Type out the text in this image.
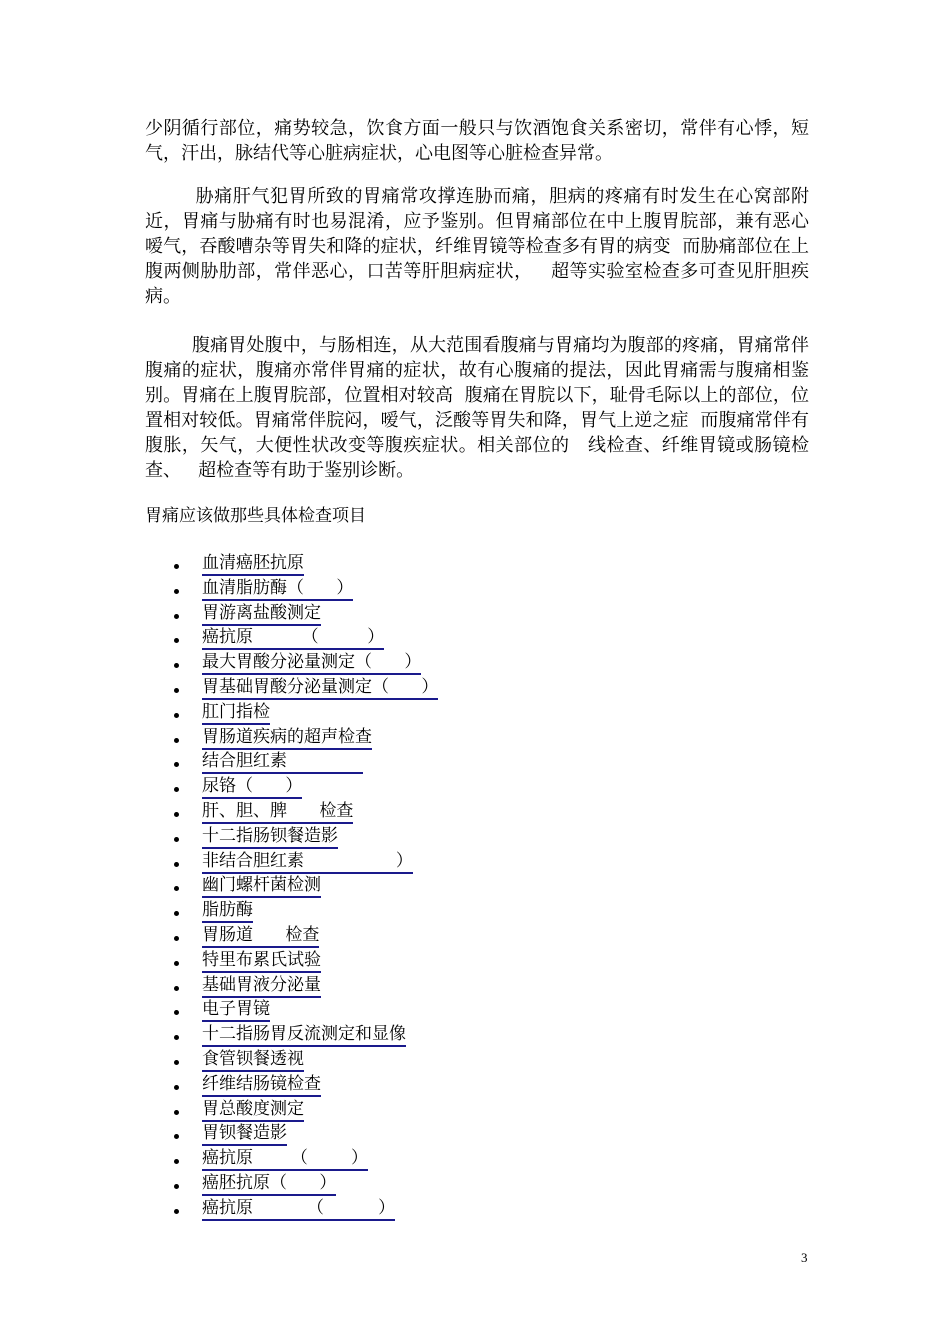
少阴循行部位，痛势较急，饮食方面一般只与饮酒饱食关系密切，常伴有心悸，短气，汗出，脉结代等心脏病症状，心电图等心脏检查异常。

胁痛肝气犯胃所致的胃痛常攻撑连胁而痛，胆病的疼痛有时发生在心窝部附近，胃痛与胁痛有时也易混淆，应予鉴别。但胃痛部位在中上腹胃脘部，兼有恶心嗳气，吞酸嘈杂等胃失和降的症状，纤维胃镜等检查多有胃的病变  而胁痛部位在上腹两侧胁肋部，常伴恶心，口苦等肝胆病症状，   超等实验室检查多可查见肝胆疾病。

腹痛胃处腹中，与肠相连，从大范围看腹痛与胃痛均为腹部的疼痛，胃痛常伴腹痛的症状，腹痛亦常伴胃痛的症状，故有心腹痛的提法，因此胃痛需与腹痛相鉴别。胃痛在上腹胃脘部，位置相对较高  腹痛在胃脘以下，耻骨毛际以上的部位，位置相对较低。胃痛常伴脘闷，嗳气，泛酸等胃失和降，胃气上逆之症  而腹痛常伴有腹胀，矢气，大便性状改变等腹疾症状。相关部位的   线检查、纤维胃镜或肠镜检查、   超检查等有助于鉴别诊断。

胃痛应该做那些具体检查项目

血清癌胚抗原
血清脂肪酶（      ）
胃游离盐酸测定
癌抗原         （         ）
最大胃酸分泌量测定（      ）
胃基础胃酸分泌量测定（      ）
肛门指检
胃肠道疾病的超声检查
结合胆红素
尿铬（      ）
肝、胆、脾      检查
十二指肠钡餐造影
非结合胆红素                 ）
幽门螺杆菌检测
脂肪酶
胃肠道      检查
特里布累氏试验
基础胃液分泌量
电子胃镜
十二指肠胃反流测定和显像
食管钡餐透视
纤维结肠镜检查
胃总酸度测定
胃钡餐造影
癌抗原       （        ）
癌胚抗原（      ）
癌抗原          （          ）
3
